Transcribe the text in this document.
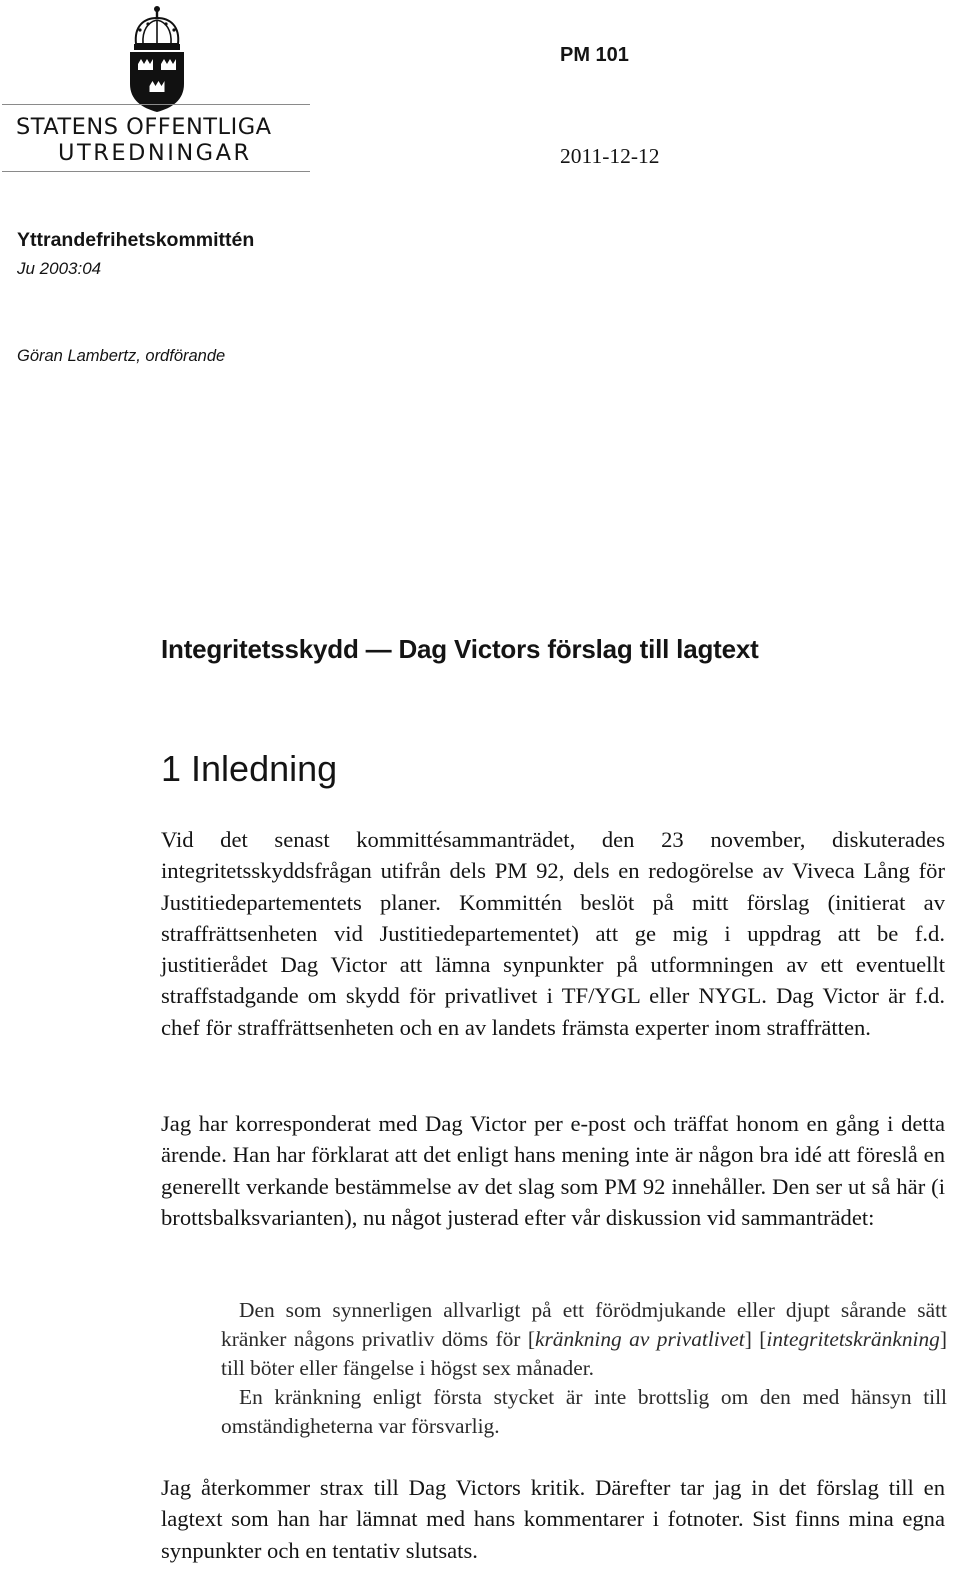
STATENS OFFENTLIGA
UTREDNINGAR
PM 101
2011-12-12
Yttrandefrihetskommittén
Ju 2003:04
Göran Lambertz, ordförande
Integritetsskydd — Dag Victors förslag till lagtext
1 Inledning

Vid det senast kommittésammanträdet, den 23 november, diskuterades integritetsskyddsfrågan utifrån dels PM 92, dels en redogörelse av Viveca Lång för Justitiedepartementets planer. Kommittén beslöt på mitt förslag (initierat av straffrättsenheten vid Justitiedepartementet) att ge mig i uppdrag att be f.d. justitierådet Dag Victor att lämna synpunkter på utformningen av ett eventuellt straffstadgande om skydd för privatlivet i TF/YGL eller NYGL. Dag Victor är f.d. chef för straffrättsenheten och en av landets främsta experter inom straffrätten.

Jag har korresponderat med Dag Victor per e-post och träffat honom en gång i detta ärende. Han har förklarat att det enligt hans mening inte är någon bra idé att föreslå en generellt verkande bestämmelse av det slag som PM 92 innehåller. Den ser ut så här (i brottsbalksvarianten), nu något justerad efter vår diskussion vid sammanträdet:

Den som synnerligen allvarligt på ett förödmjukande eller djupt sårande sätt kränker någons privatliv döms för [kränkning av privatlivet] [integritetskränkning] till böter eller fängelse i högst sex månader.

En kränkning enligt första stycket är inte brottslig om den med hänsyn till omständigheterna var försvarlig.

Jag återkommer strax till Dag Victors kritik. Därefter tar jag in det förslag till en lagtext som han har lämnat med hans kommentarer i fotnoter. Sist finns mina egna synpunkter och en tentativ slutsats.
